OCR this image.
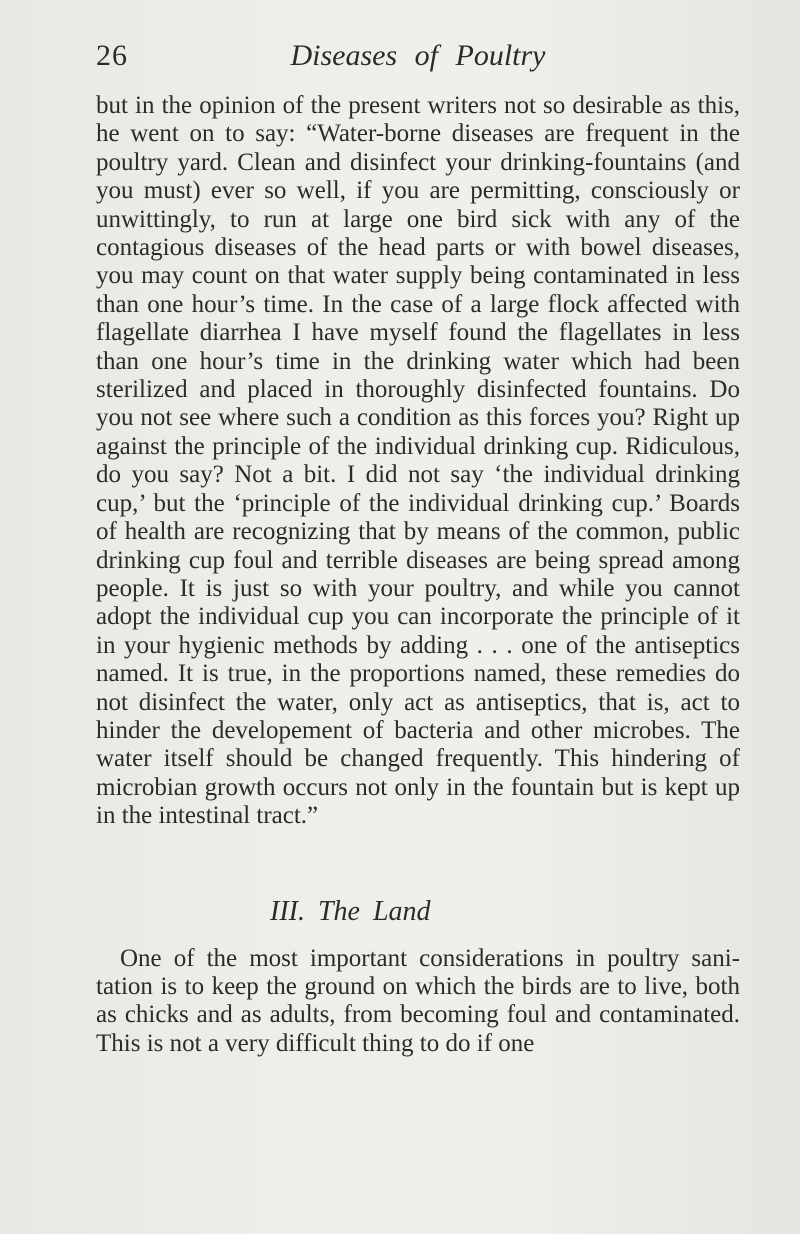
26	Diseases of Poultry

but in the opinion of the present writers not so desirable as this, he went on to say: “Water-borne diseases are frequent in the poultry yard. Clean and disinfect your drinking-fountains (and you must) ever so well, if you are permitting, consciously or unwittingly, to run at large one bird sick with any of the contagious diseases of the head parts or with bowel diseases, you may count on that water supply being contaminated in less than one hour’s time. In the case of a large flock affected with flagellate diarrhea I have myself found the flagellates in less than one hour’s time in the drinking water which had been sterilized and placed in thoroughly disinfected fountains. Do you not see where such a condition as this forces you? Right up against the principle of the individual drinking cup. Ridiculous, do you say? Not a bit. I did not say ‘the individual drinking cup,’ but the ‘principle of the individual drinking cup.’ Boards of health are recognizing that by means of the common, public drinking cup foul and terrible diseases are being spread among people. It is just so with your poultry, and while you cannot adopt the individual cup you can incorporate the principle of it in your hygienic methods by adding . . . one of the antiseptics named. It is true, in the proportions named, these remedies do not disinfect the water, only act as antiseptics, that is, act to hinder the developement of bacteria and other microbes. The water itself should be changed frequently. This hindering of microbian growth occurs not only in the fountain but is kept up in the intestinal tract.”

III. The Land

One of the most important considerations in poultry sanitation is to keep the ground on which the birds are to live, both as chicks and as adults, from becoming foul and contaminated. This is not a very difficult thing to do if one
